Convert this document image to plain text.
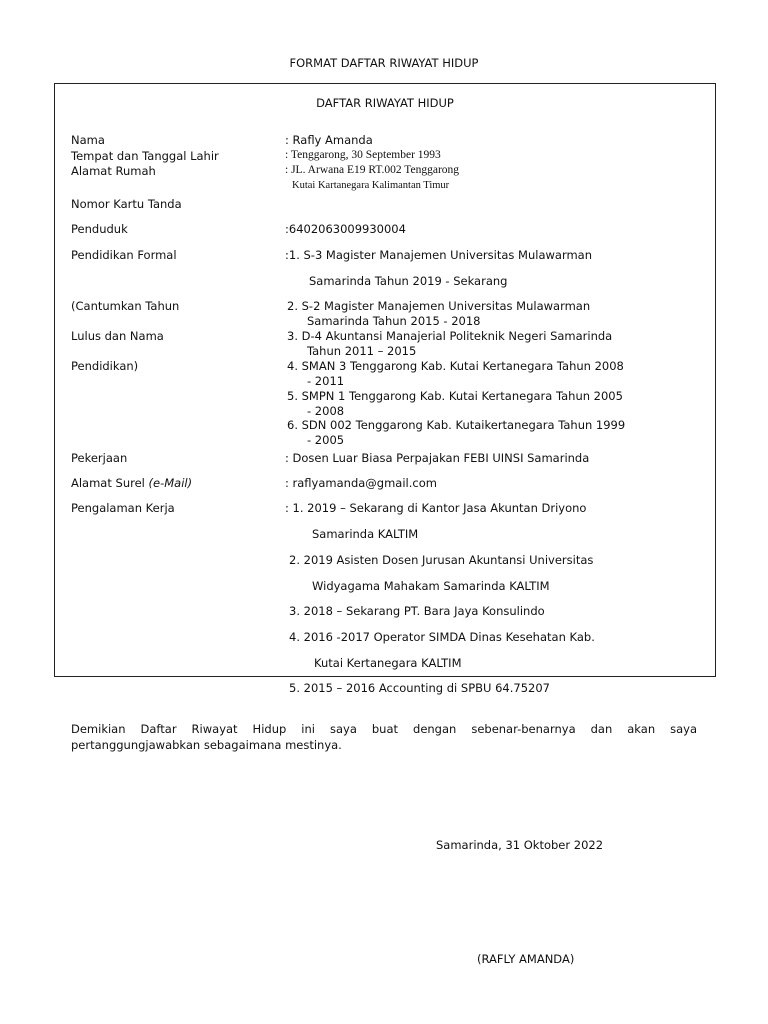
FORMAT DAFTAR RIWAYAT HIDUP
DAFTAR RIWAYAT HIDUP
Nama
Tempat dan Tanggal Lahir
Alamat Rumah
Nomor Kartu Tanda
Penduduk
Pendidikan Formal
(Cantumkan Tahun
Lulus dan Nama
Pendidikan)
Pekerjaan
Alamat Surel (e-Mail)
Pengalaman Kerja
: Rafly Amanda
: Tenggarong, 30 September 1993
: JL. Arwana E19 RT.002 Tenggarong
Kutai Kartanegara Kalimantan Timur
:6402063009930004
:1. S-3 Magister Manajemen Universitas Mulawarman
Samarinda Tahun 2019 - Sekarang
2. S-2 Magister Manajemen Universitas Mulawarman
Samarinda Tahun 2015 - 2018
3. D-4 Akuntansi Manajerial Politeknik Negeri Samarinda
Tahun 2011 – 2015
4. SMAN 3 Tenggarong Kab. Kutai Kertanegara Tahun 2008
- 2011
5. SMPN 1 Tenggarong Kab. Kutai Kertanegara Tahun 2005
- 2008
6. SDN 002 Tenggarong Kab. Kutaikertanegara Tahun 1999
- 2005
: Dosen Luar Biasa Perpajakan FEBI UINSI Samarinda
: raflyamanda@gmail.com
: 1. 2019 – Sekarang di Kantor Jasa Akuntan Driyono
Samarinda KALTIM
2. 2019 Asisten Dosen Jurusan Akuntansi Universitas
Widyagama Mahakam Samarinda KALTIM
3. 2018 – Sekarang PT. Bara Jaya Konsulindo
4. 2016 -2017 Operator SIMDA Dinas Kesehatan Kab.
Kutai Kertanegara KALTIM
5. 2015 – 2016 Accounting di SPBU 64.75207
Demikian Daftar Riwayat Hidup ini saya buat dengan sebenar-benarnya dan akan saya
pertanggungjawabkan sebagaimana mestinya.
Samarinda, 31 Oktober 2022
(RAFLY AMANDA)
